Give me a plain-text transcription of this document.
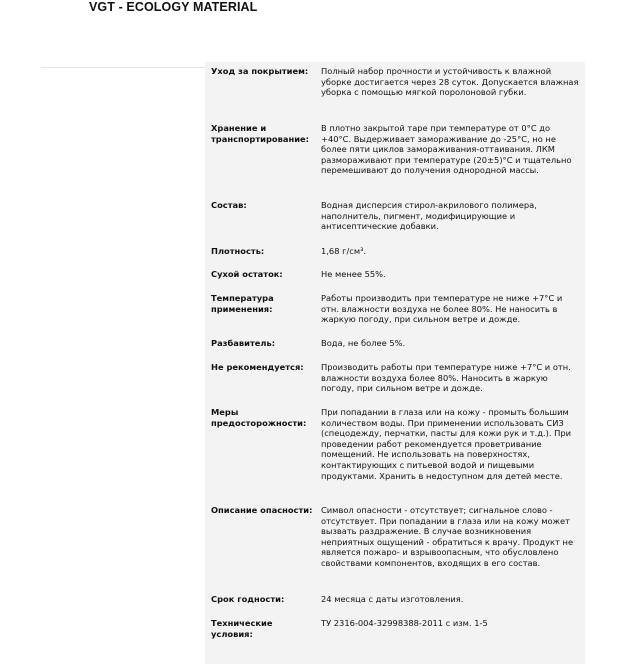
VGT - ECOLOGY MATERIAL
Уход за покрытием:	Полный набор прочности и устойчивость к влажной уборке достигается через 28 суток. Допускается влажная уборка с помощью мягкой поролоновой губки.
Хранение и транспортирование:
В плотно закрытой таре при температуре от 0°С до +40°С. Выдерживает замораживание до -25°С, но не более пяти циклов замораживания-оттаивания. ЛКМ размораживают при температуре (20±5)°С и тщательно перемешивают до получения однородной массы.
Состав:	Водная дисперсия стирол-акрилового полимера, наполнитель, пигмент, модифицирующие и антисептические добавки.
Плотность:	1,68 г/см³.
Сухой остаток:	Не менее 55%.
Температура применения:
Работы производить при температуре не ниже +7°С и отн. влажности воздуха не более 80%. Не наносить в жаркую погоду, при сильном ветре и дожде.
Разбавитель:	Вода, не более 5%.
Не рекомендуется:	Производить работы при температуре ниже +7°С и отн. влажности воздуха более 80%. Наносить в жаркую погоду, при сильном ветре и дожде.
Меры предосторожности:
При попадании в глаза или на кожу - промыть большим количеством воды. При применении использовать СИЗ (спецодежду, перчатки, пасты для кожи рук и т.д.). При проведении работ рекомендуется проветривание помещений. Не использовать на поверхностях, контактирующих с питьевой водой и пищевыми продуктами. Хранить в недоступном для детей месте.
Описание опасности:	Символ опасности - отсутствует; сигнальное слово - отсутствует. При попадании в глаза или на кожу может вызвать раздражение. В случае возникновения неприятных ощущений - обратиться к врачу. Продукт не является пожаро- и взрывоопасным, что обусловлено свойствами компонентов, входящих в его состав.
Срок годности:	24 месяца с даты изготовления.
Технические условия:
ТУ 2316-004-32998388-2011 с изм. 1-5
